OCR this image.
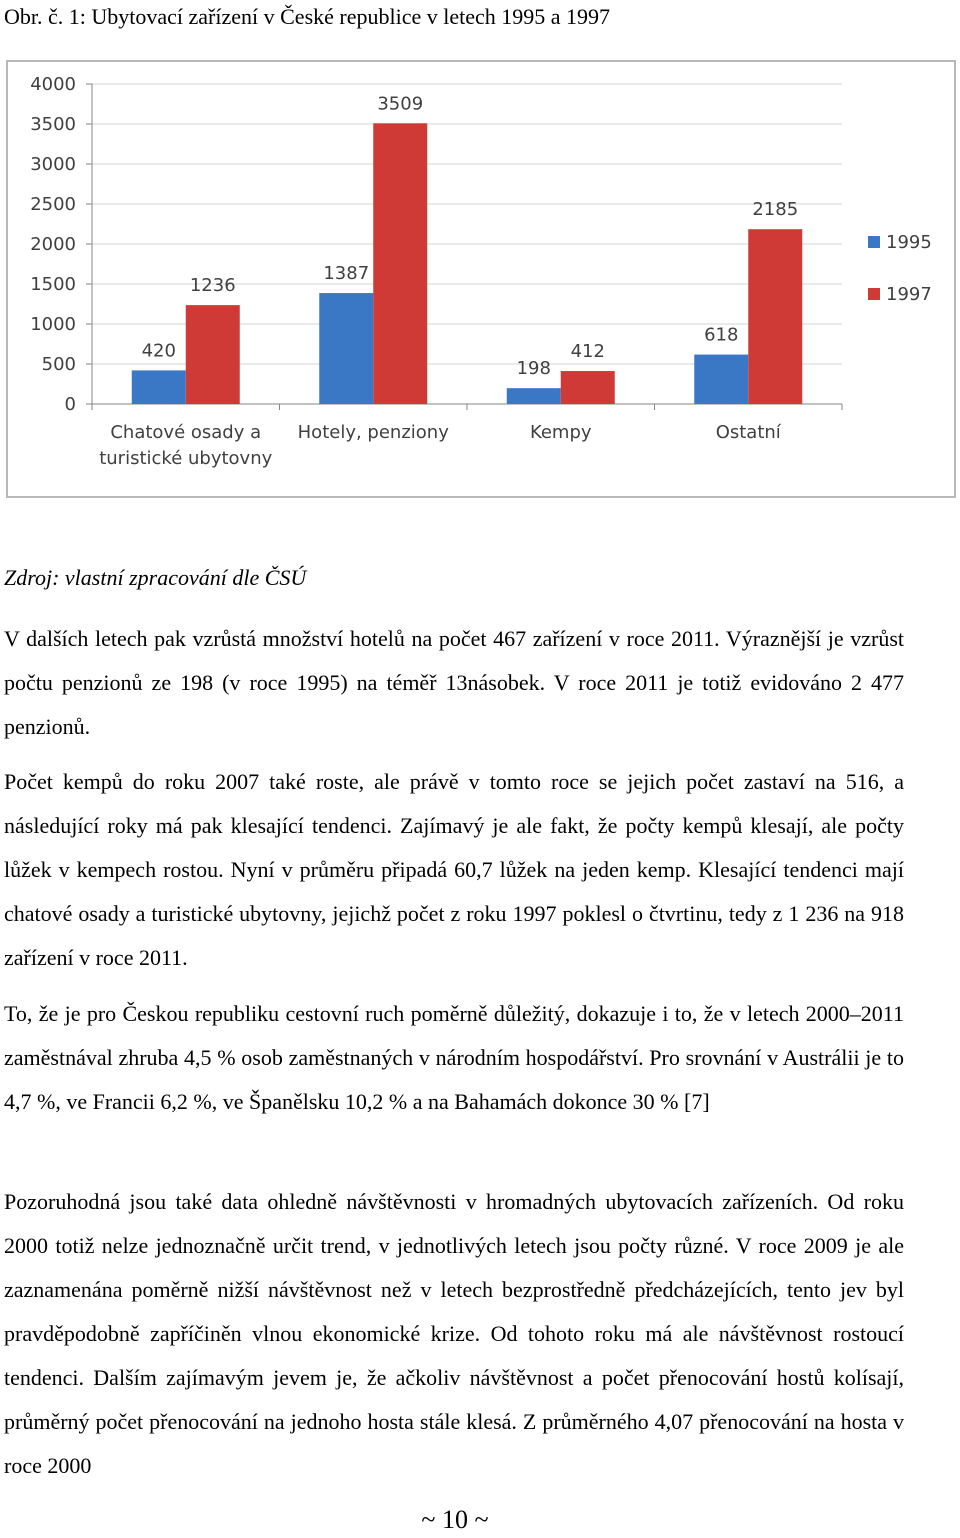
Obr. č. 1: Ubytovací zařízení v České republice v letech 1995 a 1997
0
500
1000
1500
2000
2500
3000
3500
4000
420
1236
Chatové osady a
turistické ubytovny
1387
3509
Hotely, penziony
198
412
Kempy
618
2185
Ostatní
1995
1997
Zdroj: vlastní zpracování dle ČSÚ

V dalších letech pak vzrůstá množství hotelů na počet 467 zařízení v roce 2011. Výraznější je vzrůst počtu penzionů ze 198 (v roce 1995) na téměř 13násobek. V roce 2011 je totiž evidováno 2 477 penzionů.

Počet kempů do roku 2007 také roste, ale právě v tomto roce se jejich počet zastaví na 516, a následující roky má pak klesající tendenci. Zajímavý je ale fakt, že počty kempů klesají, ale počty lůžek v kempech rostou. Nyní v průměru připadá 60,7 lůžek na jeden kemp. Klesající tendenci mají chatové osady a turistické ubytovny, jejichž počet z roku 1997 poklesl o čtvrtinu, tedy z 1 236 na 918 zařízení v roce 2011.

To, že je pro Českou republiku cestovní ruch poměrně důležitý, dokazuje i to, že v letech 2000–2011 zaměstnával zhruba 4,5 % osob zaměstnaných v národním hospodářství. Pro srovnání v Austrálii je to 4,7 %, ve Francii 6,2 %, ve Španělsku 10,2 % a na Bahamách dokonce 30 % [7]

Pozoruhodná jsou také data ohledně návštěvnosti v hromadných ubytovacích zařízeních. Od roku 2000 totiž nelze jednoznačně určit trend, v jednotlivých letech jsou počty různé. V roce 2009 je ale zaznamenána poměrně nižší návštěvnost než v letech bezprostředně předcházejících, tento jev byl pravděpodobně zapříčiněn vlnou ekonomické krize. Od tohoto roku má ale návštěvnost rostoucí tendenci. Dalším zajímavým jevem je, že ačkoliv návštěvnost a počet přenocování hostů kolísají, průměrný počet přenocování na jednoho hosta stále klesá. Z průměrného 4,07 přenocování na hosta v roce 2000

~ 10 ~
